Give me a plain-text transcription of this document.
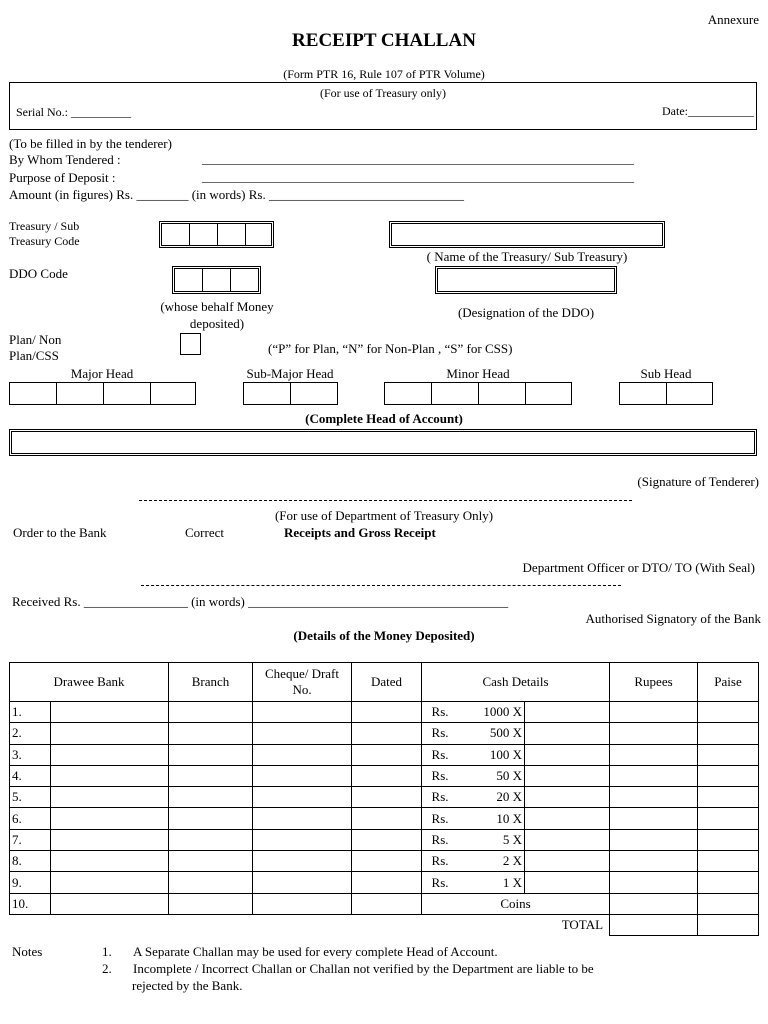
Annexure
RECEIPT CHALLAN
(Form PTR 16, Rule 107 of PTR Volume)
(For use of Treasury only)
Serial No.: __________	Date:___________
(To be filled in by the tenderer)
By Whom Tendered :	________________________________________________________________________
Purpose of Deposit :	________________________________________________________________________
Amount (in figures) Rs. ________ (in words) Rs. ______________________________
Treasury / Sub
Treasury Code
( Name of the Treasury/ Sub Treasury)
DDO Code
(whose behalf Money
deposited)
(Designation of the DDO)
Plan/ Non
Plan/CSS	(“P” for Plan, “N” for Non-Plan , “S” for CSS)
Major Head	Sub-Major Head	Minor Head	Sub Head
(Complete Head of Account)
(Signature of Tenderer)
(For use of Department of Treasury Only)
Order to the Bank	Correct	Receipts and Gross Receipt
Department Officer or DTO/ TO (With Seal)
Received Rs. ________________ (in words) ________________________________________
Authorised Signatory of the Bank
(Details of the Money Deposited)
Drawee Bank		Branch	Cheque/ Draft No.	Dated	Cash Details			Rupees	Paise
1.					Rs.	1000 X			
2.					Rs.	500 X			
3.					Rs.	100 X			
4.					Rs.	50 X			
5.					Rs.	20 X			
6.					Rs.	10 X			
7.					Rs.	5 X			
8.					Rs.	2 X			
9.					Rs.	1 X			
10.					Coins				
TOTAL									
Notes	1. A Separate Challan may be used for every complete Head of Account.
2. Incomplete / Incorrect Challan or Challan not verified by the Department are liable to be
rejected by the Bank.
